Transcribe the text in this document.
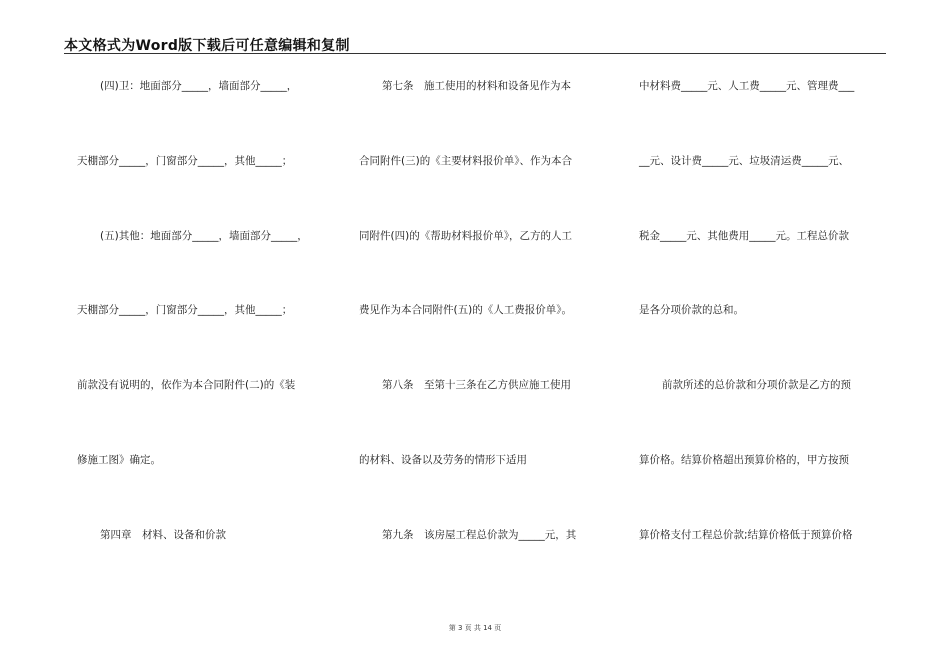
本文格式为Word版下载后可任意编辑和复制
(四)卫：地面部分_____，墙面部分_____，
天棚部分_____，门窗部分_____，其他_____；
(五)其他：地面部分_____，墙面部分_____，
天棚部分_____，门窗部分_____，其他_____；
前款没有说明的，依作为本合同附件(二)的《装
修施工图》确定。
第四章　材料、设备和价款
第七条　施工使用的材料和设备见作为本
合同附件(三)的《主要材料报价单》、作为本合
同附件(四)的《帮助材料报价单》，乙方的人工
费见作为本合同附件(五)的《人工费报价单》。
第八条　至第十三条在乙方供应施工使用
的材料、设备以及劳务的情形下适用
第九条　该房屋工程总价款为_____元，其
中材料费_____元、人工费_____元、管理费___
__元、设计费_____元、垃圾清运费_____元、
税金_____元、其他费用_____元。工程总价款
是各分项价款的总和。
前款所述的总价款和分项价款是乙方的预
算价格。结算价格超出预算价格的，甲方按预
算价格支付工程总价款;结算价格低于预算价格
第 3 页 共 14 页
